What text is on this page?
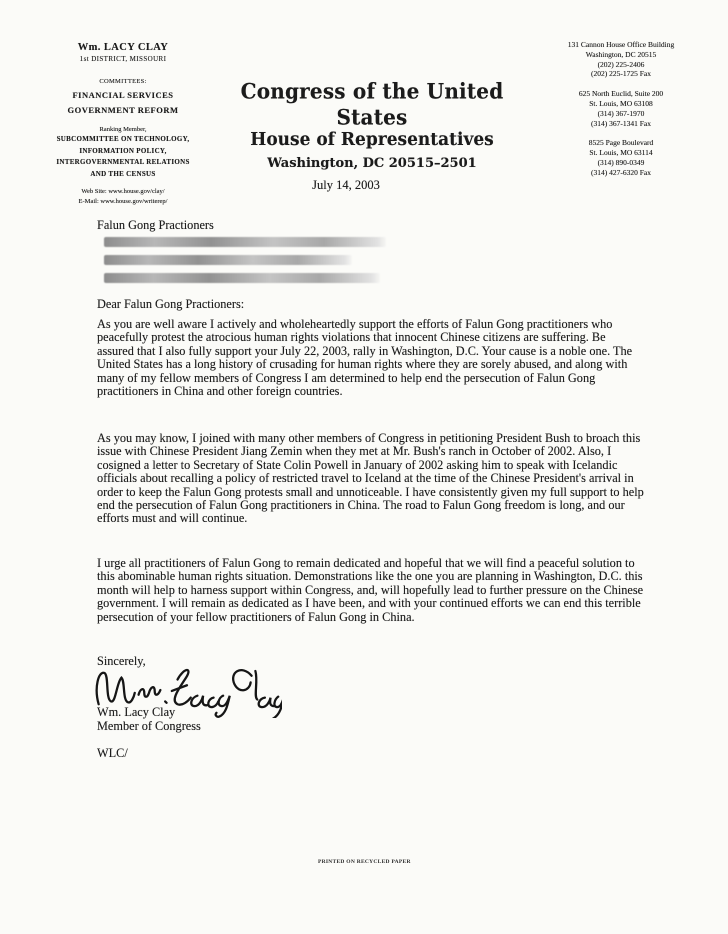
Wm. LACY CLAY
1st DISTRICT, MISSOURI
COMMITTEES:
FINANCIAL SERVICES
GOVERNMENT REFORM
Ranking Member,
SUBCOMMITTEE ON TECHNOLOGY,
INFORMATION POLICY,
INTERGOVERNMENTAL RELATIONS
AND THE CENSUS
Web Site: www.house.gov/clay/
E-Mail: www.house.gov/writerep/
Congress of the United States
House of Representatives
Washington, DC 20515–2501
131 Cannon House Office Building
Washington, DC 20515
(202) 225-2406
(202) 225-1725 Fax
625 North Euclid, Suite 200
St. Louis, MO 63108
(314) 367-1970
(314) 367-1341 Fax
8525 Page Boulevard
St. Louis, MO 63114
(314) 890-0349
(314) 427-6320 Fax
July 14, 2003
Falun Gong Practioners
Dear Falun Gong Practioners:
As you are well aware I actively and wholeheartedly support the efforts of Falun Gong practitioners who peacefully protest the atrocious human rights violations that innocent Chinese citizens are suffering. Be assured that I also fully support your July 22, 2003, rally in Washington, D.C. Your cause is a noble one. The United States has a long history of crusading for human rights where they are sorely abused, and along with many of my fellow members of Congress I am determined to help end the persecution of Falun Gong practitioners in China and other foreign countries.
As you may know, I joined with many other members of Congress in petitioning President Bush to broach this issue with Chinese President Jiang Zemin when they met at Mr. Bush's ranch in October of 2002. Also, I cosigned a letter to Secretary of State Colin Powell in January of 2002 asking him to speak with Icelandic officials about recalling a policy of restricted travel to Iceland at the time of the Chinese President's arrival in order to keep the Falun Gong protests small and unnoticeable. I have consistently given my full support to help end the persecution of Falun Gong practitioners in China. The road to Falun Gong freedom is long, and our efforts must and will continue.
I urge all practitioners of Falun Gong to remain dedicated and hopeful that we will find a peaceful solution to this abominable human rights situation. Demonstrations like the one you are planning in Washington, D.C. this month will help to harness support within Congress, and, will hopefully lead to further pressure on the Chinese government. I will remain as dedicated as I have been, and with your continued efforts we can end this terrible persecution of your fellow practitioners of Falun Gong in China.
Sincerely,
Wm. Lacy Clay
Member of Congress
WLC/
PRINTED ON RECYCLED PAPER
